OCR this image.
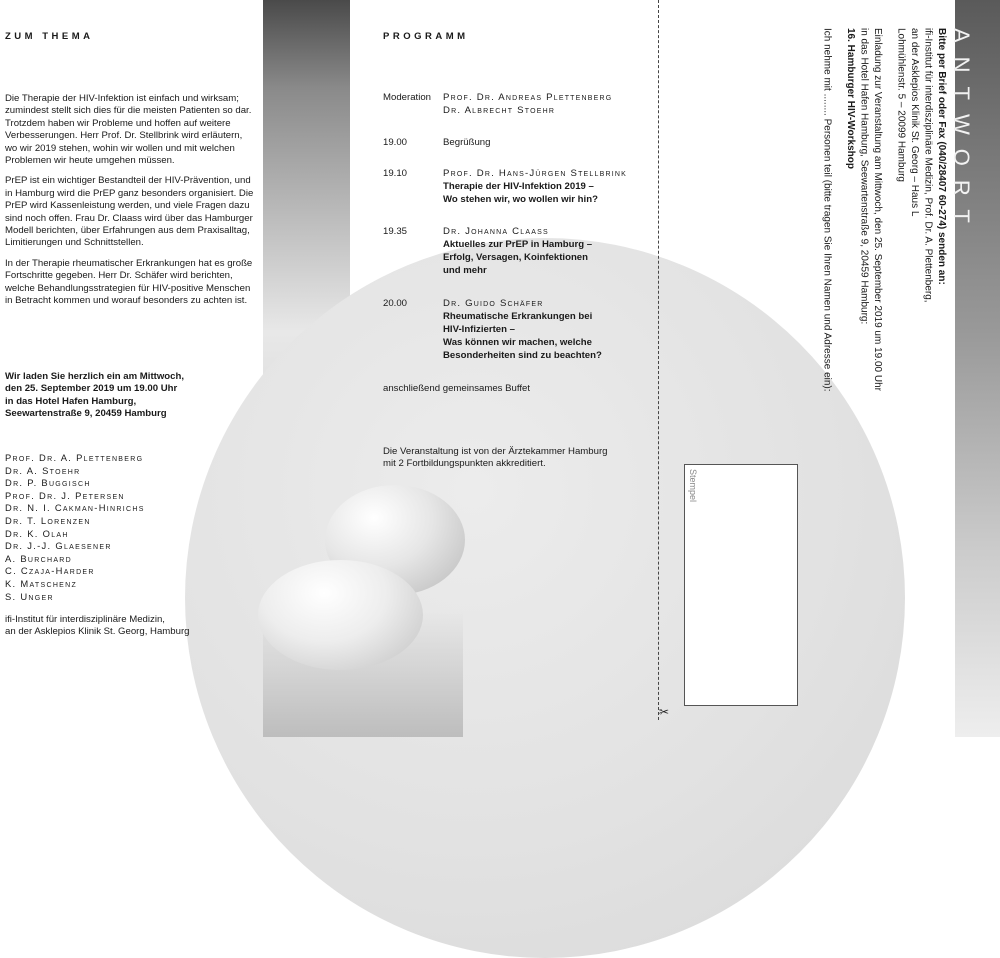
✂
ZUM THEMA

Die Therapie der HIV-Infektion ist einfach und wirksam; zumindest stellt sich dies für die meisten Patienten so dar. Trotzdem haben wir Probleme und hoffen auf weitere Verbesserungen. Herr Prof. Dr. Stellbrink wird erläutern, wo wir 2019 stehen, wohin wir wollen und mit welchen Problemen wir heute umgehen müssen.

PrEP ist ein wichtiger Bestandteil der HIV-Prävention, und in Hamburg wird die PrEP ganz besonders organisiert. Die PrEP wird Kassenleistung werden, und viele Fragen dazu sind noch offen. Frau Dr. Claass wird über das Hamburger Modell berichten, über Erfahrungen aus dem Praxisalltag, Limitierungen und Schnittstellen.

In der Therapie rheumatischer Erkrankungen hat es große Fortschritte gegeben. Herr Dr. Schäfer wird berichten, welche Behandlungsstrategien für HIV-positive Menschen in Betracht kommen und worauf besonders zu achten ist.

Wir laden Sie herzlich ein am Mittwoch,
den 25. September 2019 um 19.00 Uhr
in das Hotel Hafen Hamburg,
Seewartenstraße 9, 20459 Hamburg
Prof. Dr. A. Plettenberg
Dr. A. Stoehr
Dr. P. Buggisch
Prof. Dr. J. Petersen
Dr. N. I. Cakman-Hinrichs
Dr. T. Lorenzen
Dr. K. Olah
Dr. J.-J. Glaesener
A. Burchard
C. Czaja-Harder
K. Matschenz
S. Unger
ifi-Institut für interdisziplinäre Medizin,
an der Asklepios Klinik St. Georg, Hamburg
PROGRAMM
Moderation	Prof. Dr. Andreas Plettenberg
Dr. Albrecht Stoehr
19.00	Begrüßung
19.10	Prof. Dr. Hans-Jürgen Stellbrink
Therapie der HIV-Infektion 2019 –
Wo stehen wir, wo wollen wir hin?
19.35	Dr. Johanna Claass
Aktuelles zur PrEP in Hamburg –
Erfolg, Versagen, Koinfektionen
und mehr
20.00	Dr. Guido Schäfer
Rheumatische Erkrankungen bei
HIV-Infizierten –
Was können wir machen, welche
Besonderheiten sind zu beachten?
anschließend gemeinsames Buffet
Die Veranstaltung ist von der Ärztekammer Hamburg
mit 2 Fortbildungspunkten akkreditiert.
Stempel
Bitte per Brief oder Fax (040/28407 60-274) senden an:
ifi-Institut für interdisziplinäre Medizin, Prof. Dr. A. Plettenberg,
an der Asklepios Klinik St. Georg – Haus L
Lohmühlenstr. 5 – 20099 Hamburg
Einladung zur Veranstaltung am Mittwoch, den 25. September 2019 um 19.00 Uhr
in das Hotel Hafen Hamburg, Seewartenstraße 9, 20459 Hamburg:
16. Hamburger HIV-Workshop
Ich nehme mit ........ Personen teil (bitte tragen Sie Ihren Namen und Adresse ein):	ANTWORT
